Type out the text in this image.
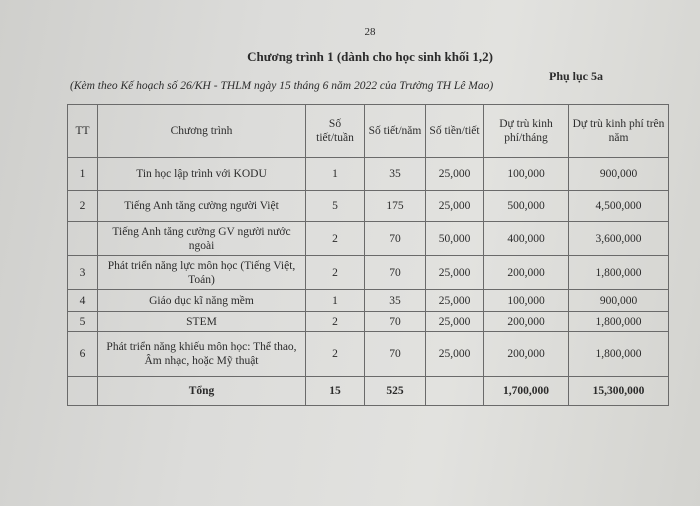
28
Chương trình 1 (dành cho học sinh khối 1,2)
Phụ lục 5a
(Kèm theo Kế hoạch số 26/KH - THLM ngày 15 tháng 6 năm 2022 của Trường TH Lê Mao)
TT	Chương trình	Số tiết/tuần	Số tiết/năm	Số tiền/tiết	Dự trù kinh phí/tháng	Dự trù kinh phí trên năm
1	Tin học lập trình với KODU	1	35	25,000	100,000	900,000
2	Tiếng Anh tăng cường người Việt	5	175	25,000	500,000	4,500,000
	Tiếng Anh tăng cường GV người nước ngoài	2	70	50,000	400,000	3,600,000
3	Phát triển năng lực môn học (Tiếng Việt, Toán)	2	70	25,000	200,000	1,800,000
4	Giáo dục kĩ năng mềm	1	35	25,000	100,000	900,000
5	STEM	2	70	25,000	200,000	1,800,000
6	Phát triển năng khiếu môn học: Thể thao, Âm nhạc, hoặc Mỹ thuật	2	70	25,000	200,000	1,800,000
	Tổng	15	525		1,700,000	15,300,000
